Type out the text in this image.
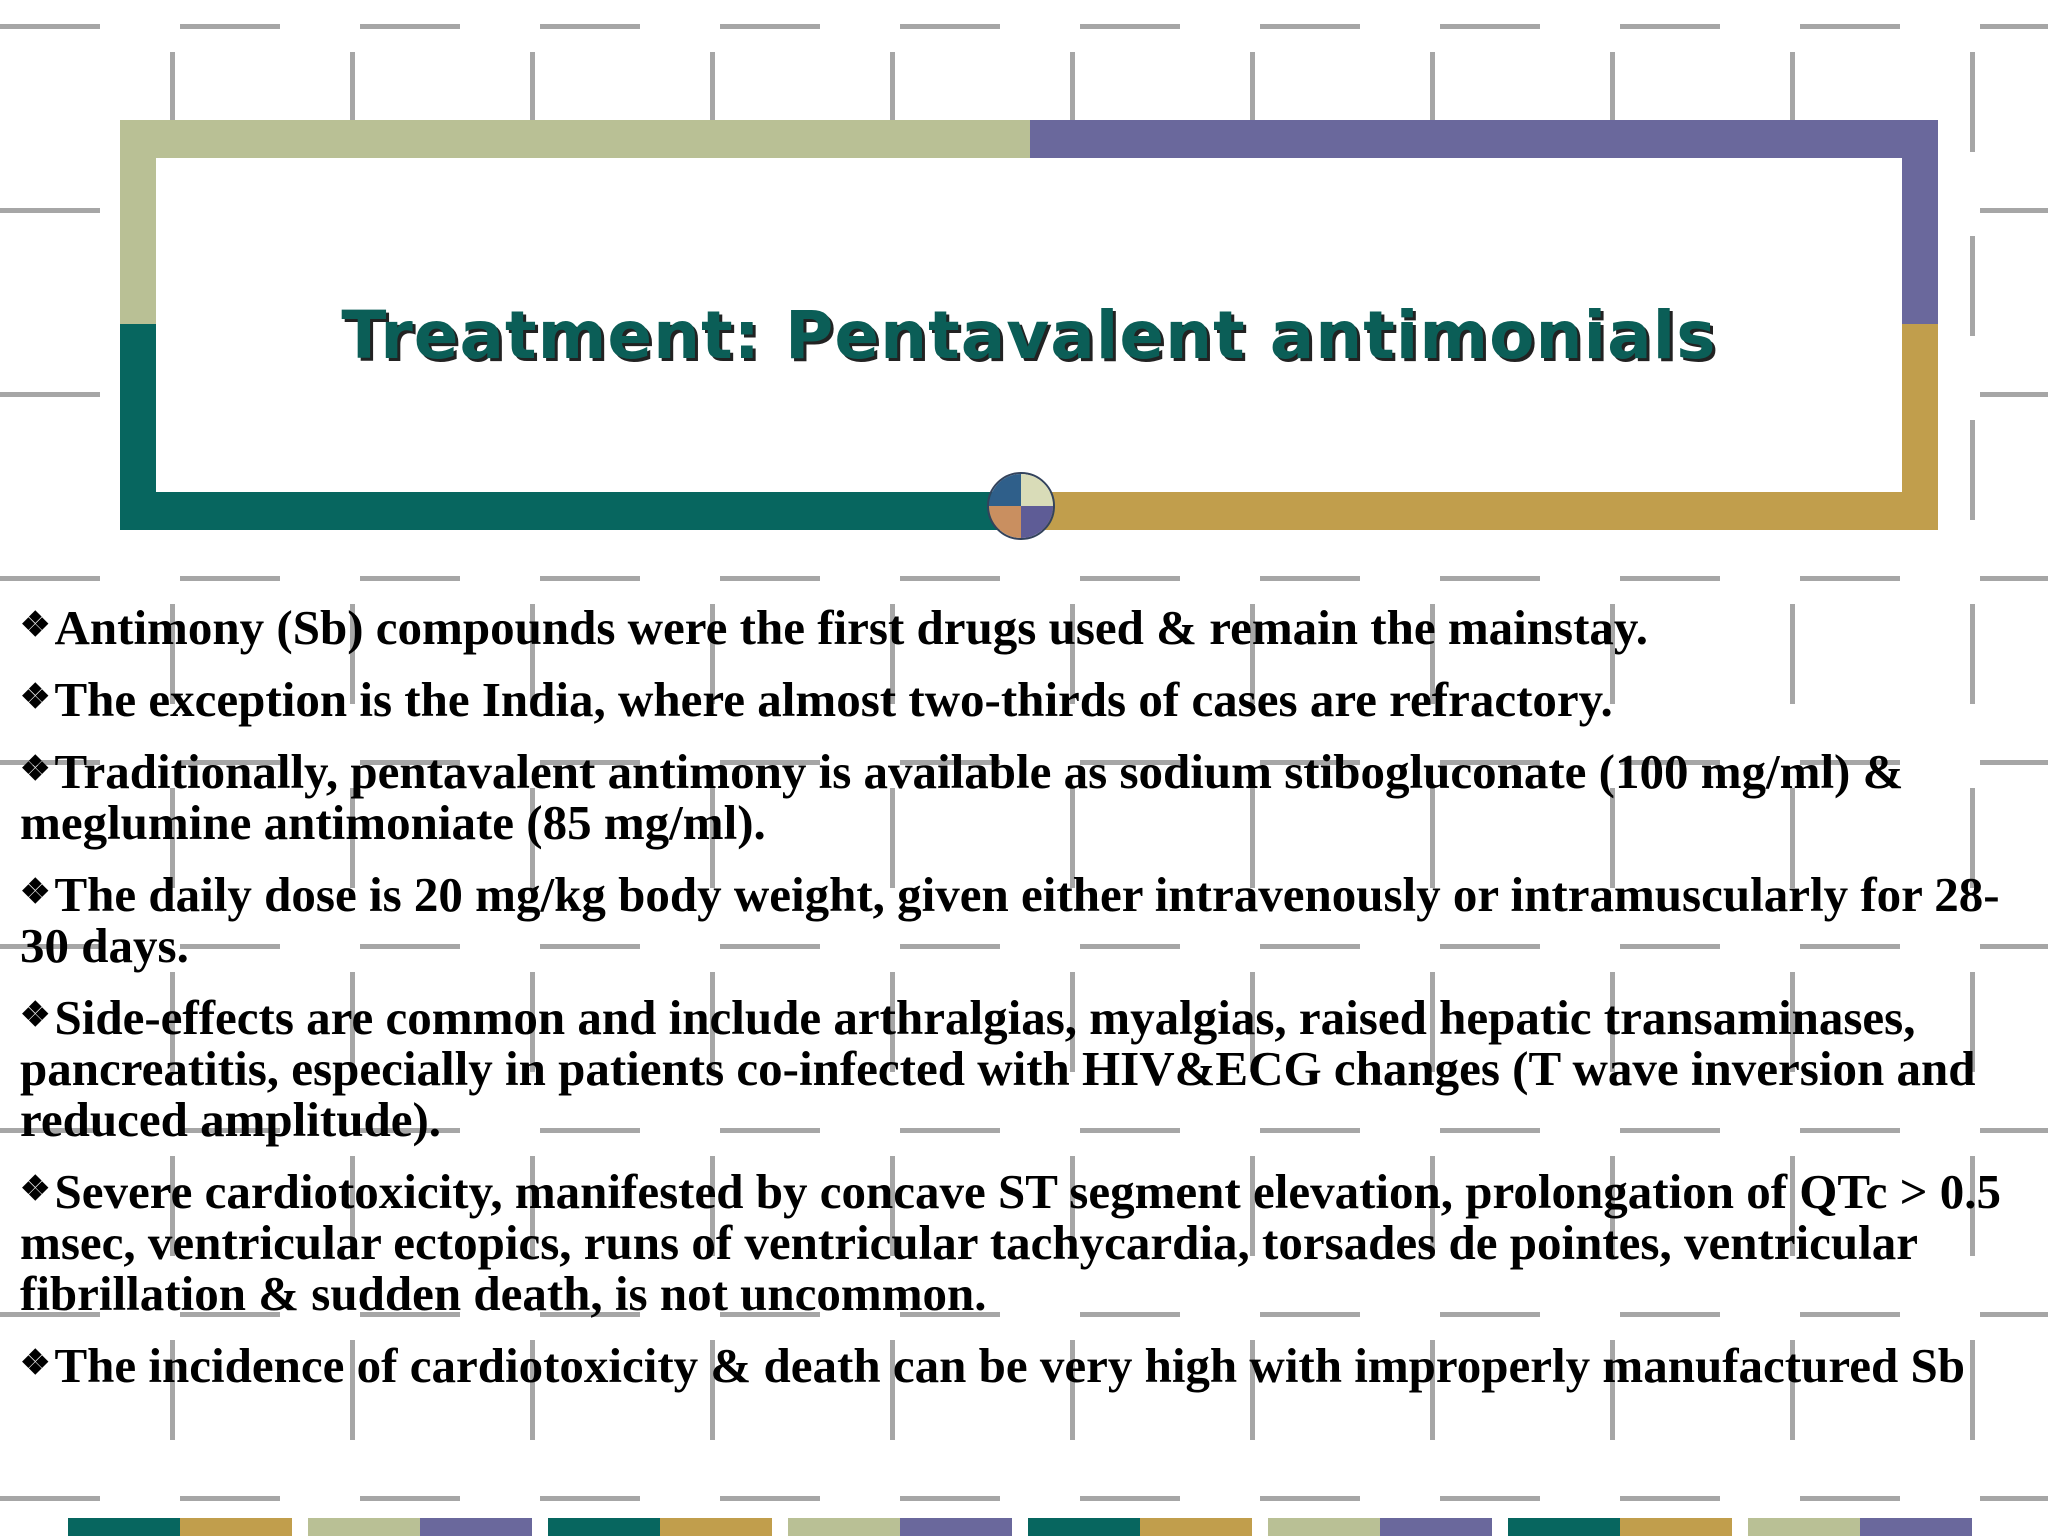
Treatment: Pentavalent antimonials

❖Antimony (Sb) compounds were the first drugs used & remain the mainstay.

❖The exception is the India, where almost two-thirds of cases are refractory.

❖Traditionally, pentavalent antimony is available as sodium stibogluconate (100 mg/ml) & meglumine antimoniate (85 mg/ml).

❖The daily dose is 20 mg/kg body weight, given either intravenously or intramuscularly for 28-30 days.

❖Side-effects are common and include arthralgias, myalgias, raised hepatic transaminases, pancreatitis, especially in patients co-infected with HIV&ECG changes (T wave inversion and reduced amplitude).

❖Severe cardiotoxicity, manifested by concave ST segment elevation, prolongation of QTc > 0.5 msec, ventricular ectopics, runs of ventricular tachycardia, torsades de pointes, ventricular fibrillation & sudden death, is not uncommon.

❖The incidence of cardiotoxicity & death can be very high with improperly manufactured Sb
